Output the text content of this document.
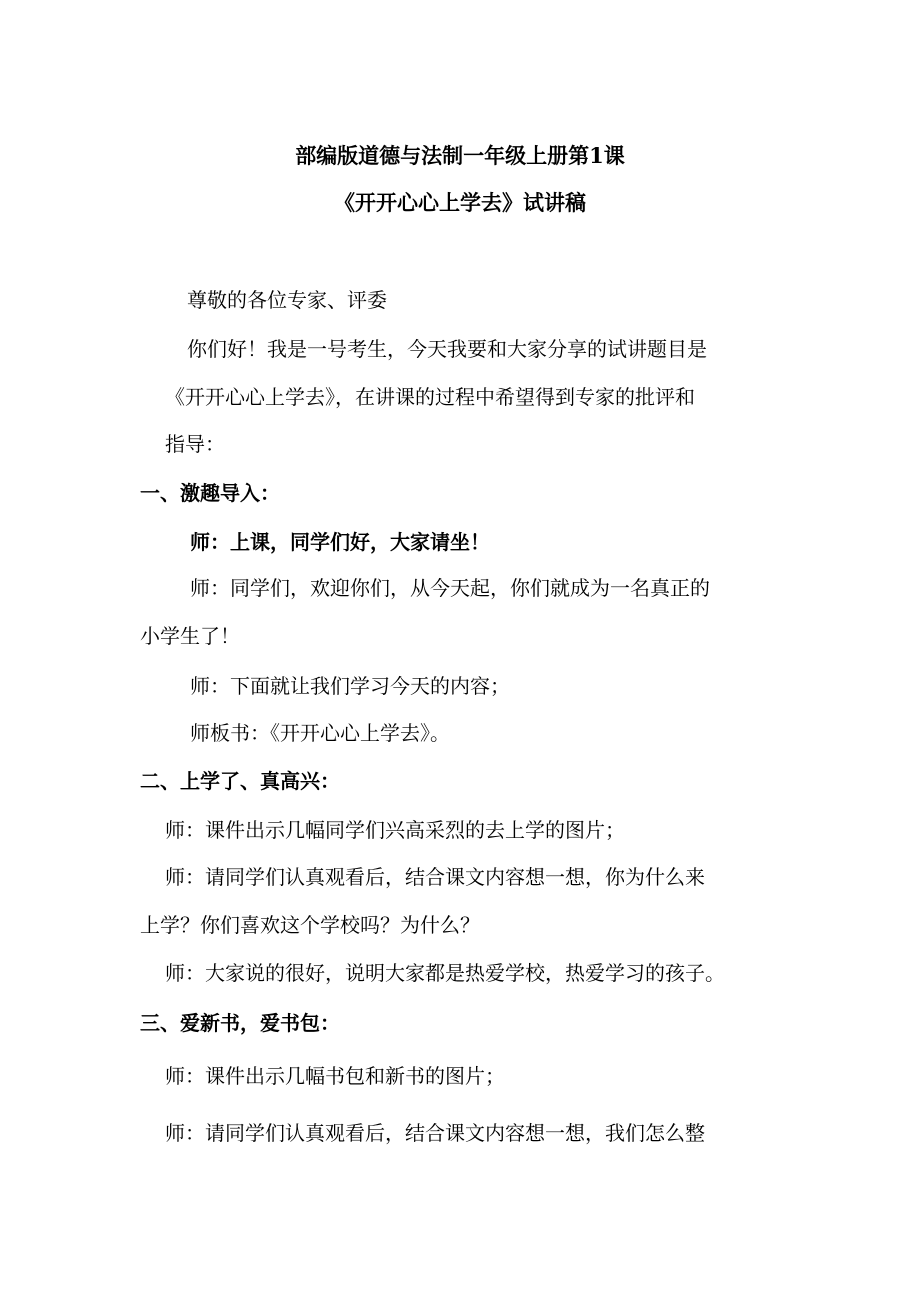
部编版道德与法制一年级上册第1课
《开开心心上学去》试讲稿
尊敬的各位专家、评委
你们好！我是一号考生，今天我要和大家分享的试讲题目是
《开开心心上学去》，在讲课的过程中希望得到专家的批评和
指导：
一、激趣导入：
师：上课，同学们好，大家请坐！
师：同学们，欢迎你们，从今天起，你们就成为一名真正的
小学生了！
师：下面就让我们学习今天的内容；
师板书：《开开心心上学去》。
二、上学了、真高兴：
师：课件出示几幅同学们兴高采烈的去上学的图片；
师：请同学们认真观看后，结合课文内容想一想，你为什么来
上学？你们喜欢这个学校吗？为什么？
师：大家说的很好，说明大家都是热爱学校，热爱学习的孩子。
三、爱新书，爱书包：
师：课件出示几幅书包和新书的图片；
师：请同学们认真观看后，结合课文内容想一想，我们怎么整
